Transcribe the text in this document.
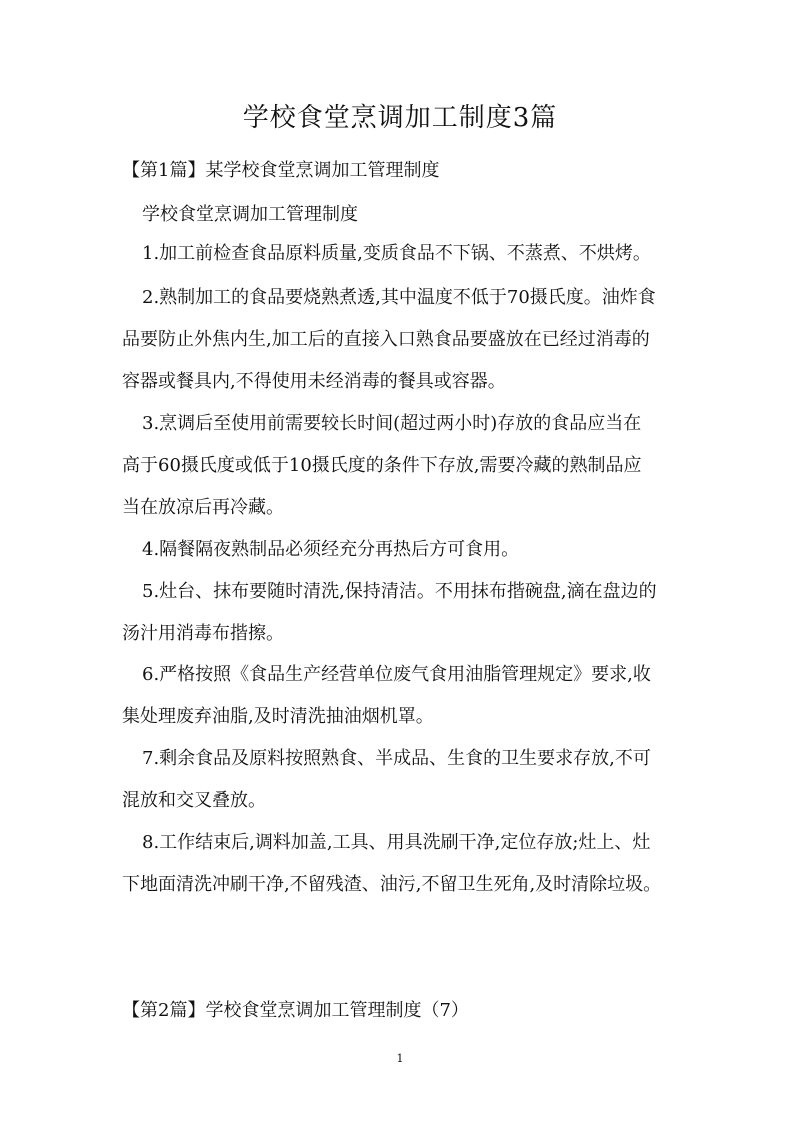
学校食堂烹调加工制度3篇
【第1篇】某学校食堂烹调加工管理制度
学校食堂烹调加工管理制度
1.加工前检查食品原料质量,变质食品不下锅、不蒸煮、不烘烤。
2.熟制加工的食品要烧熟煮透,其中温度不低于70摄氏度。油炸食
品要防止外焦内生,加工后的直接入口熟食品要盛放在已经过消毒的
容器或餐具内,不得使用未经消毒的餐具或容器。
3.烹调后至使用前需要较长时间(超过两小时)存放的食品应当在
高于60摄氏度或低于10摄氏度的条件下存放,需要冷藏的熟制品应
当在放凉后再冷藏。
4.隔餐隔夜熟制品必须经充分再热后方可食用。
5.灶台、抹布要随时清洗,保持清洁。不用抹布揩碗盘,滴在盘边的
汤汁用消毒布揩擦。
6.严格按照《食品生产经营单位废气食用油脂管理规定》要求,收
集处理废弃油脂,及时清洗抽油烟机罩。
7.剩余食品及原料按照熟食、半成品、生食的卫生要求存放,不可
混放和交叉叠放。
8.工作结束后,调料加盖,工具、用具洗刷干净,定位存放;灶上、灶
下地面清洗冲刷干净,不留残渣、油污,不留卫生死角,及时清除垃圾。
【第2篇】学校食堂烹调加工管理制度（7）
1
